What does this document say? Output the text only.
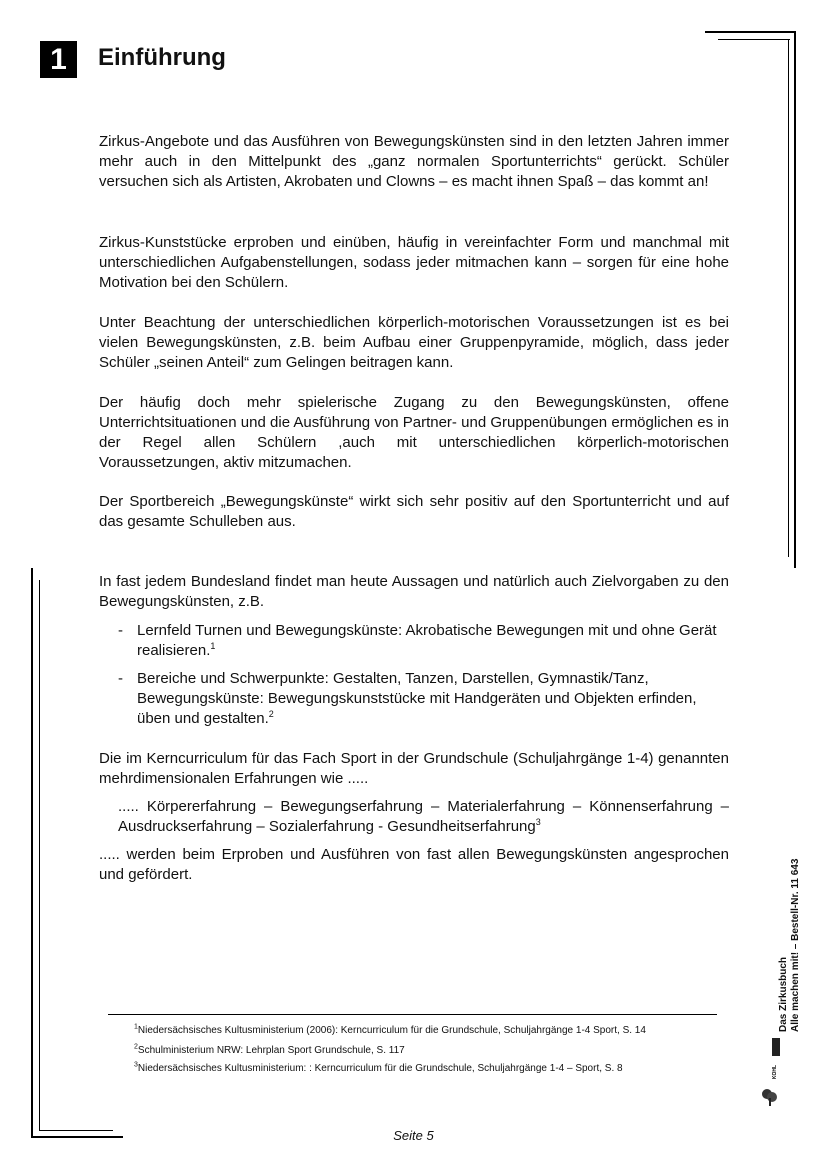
1	Einführung

Zirkus-Angebote und das Ausführen von Bewegungskünsten sind in den letzten Jahren immer mehr auch in den Mittelpunkt des „ganz normalen Sportunterrichts“ gerückt. Schüler versuchen sich als Artisten, Akrobaten und Clowns – es macht ihnen Spaß – das kommt an!

Zirkus-Kunststücke erproben und einüben, häufig in vereinfachter Form und manchmal mit unterschiedlichen Aufgabenstellungen, sodass jeder mitmachen kann – sorgen für eine hohe Motivation bei den Schülern.

Unter Beachtung der unterschiedlichen körperlich-motorischen Voraussetzungen ist es bei vielen Bewegungskünsten, z.B. beim Aufbau einer Gruppenpyramide, möglich, dass jeder Schüler „seinen Anteil“ zum Gelingen beitragen kann.

Der häufig doch mehr spielerische Zugang zu den Bewegungskünsten, offene Unterrichtsituationen und die Ausführung von Partner- und Gruppenübungen ermöglichen es in der Regel allen Schülern ,auch mit unterschiedlichen körperlich-motorischen Voraussetzungen, aktiv mitzumachen.

Der Sportbereich „Bewegungskünste“ wirkt sich sehr positiv auf den Sportunterricht und auf das gesamte Schulleben aus.

In fast jedem Bundesland findet man heute Aussagen und natürlich auch Zielvorgaben zu den Bewegungskünsten, z.B.

- Lernfeld Turnen und Bewegungskünste: Akrobatische Bewegungen mit und ohne Gerät realisieren.$^1$
- Bereiche und Schwerpunkte: Gestalten, Tanzen, Darstellen, Gymnastik/Tanz, Bewegungskünste: Bewegungskunststücke mit Handgeräten und Objekten erfinden, üben und gestalten.$^2$

Die im Kerncurriculum für das Fach Sport in der Grundschule (Schuljahrgänge 1-4) genannten mehrdimensionalen Erfahrungen wie .....

..... Körpererfahrung – Bewegungserfahrung – Materialerfahrung – Könnenserfahrung – Ausdruckserfahrung – Sozialerfahrung - Gesundheitserfahrung$^3$

..... werden beim Erproben und Ausführen von fast allen Bewegungskünsten angesprochen und gefördert.

$^1$Niedersächsisches Kultusministerium (2006): Kerncurriculum für die Grundschule, Schuljahrgänge 1-4 Sport, S. 14
$^2$Schulministerium NRW: Lehrplan Sport Grundschule, S. 117
$^3$Niedersächsisches Kultusministerium: : Kerncurriculum für die Grundschule, Schuljahrgänge 1-4 – Sport, S. 8
Das Zirkusbuch Alle machen mit! – Bestell-Nr. 11 643
KOHL
Seite 5
